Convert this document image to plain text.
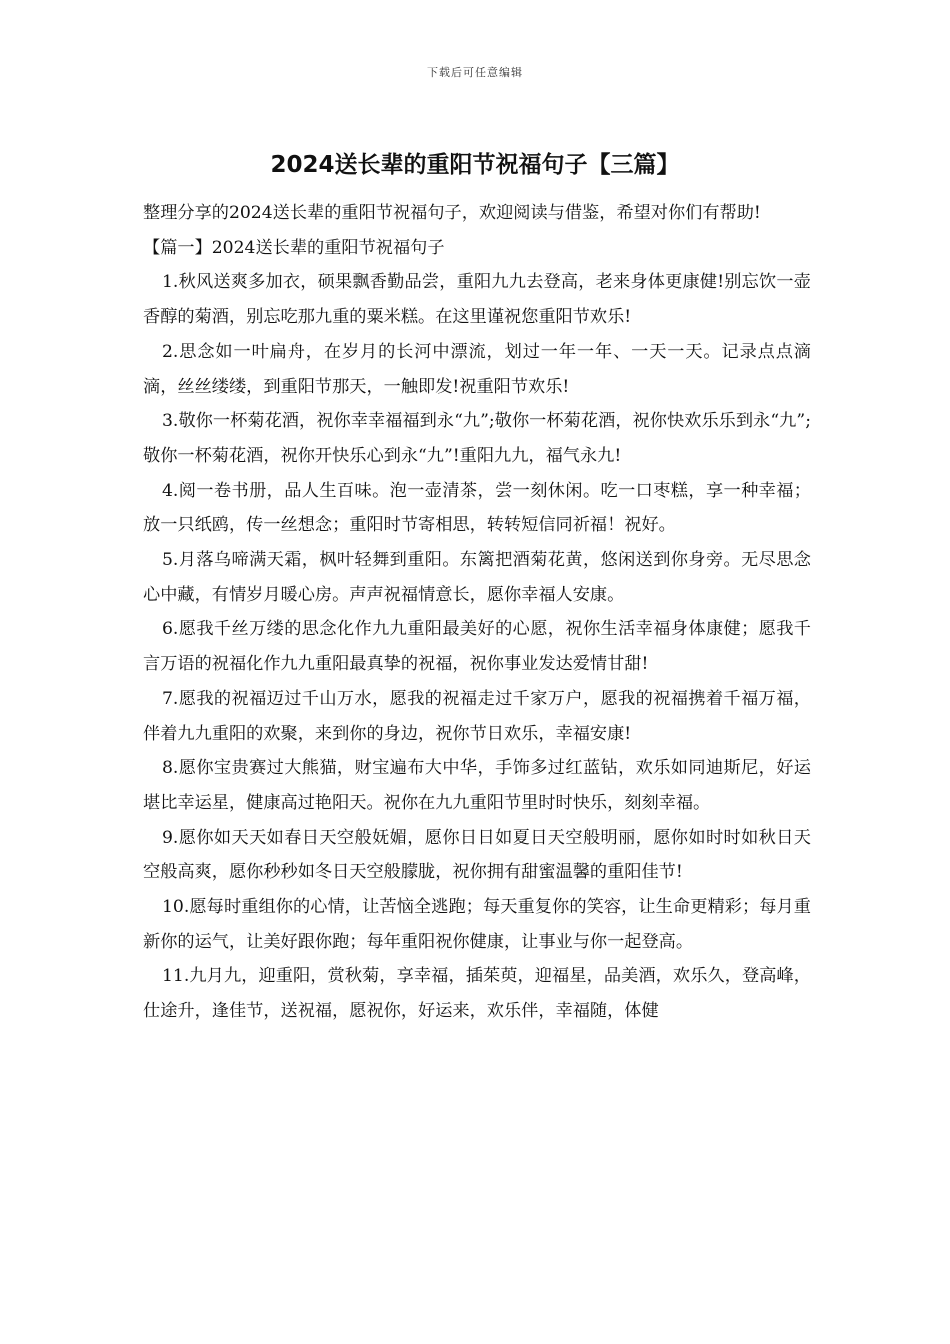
下载后可任意编辑
2024送长辈的重阳节祝福句子【三篇】

整理分享的2024送长辈的重阳节祝福句子，欢迎阅读与借鉴，希望对你们有帮助!

【篇一】2024送长辈的重阳节祝福句子

1.秋风送爽多加衣，硕果飘香勤品尝，重阳九九去登高，老来身体更康健!别忘饮一壶香醇的菊酒，别忘吃那九重的粟米糕。在这里谨祝您重阳节欢乐!

2.思念如一叶扁舟，在岁月的长河中漂流，划过一年一年、一天一天。记录点点滴滴，丝丝缕缕，到重阳节那天，一触即发!祝重阳节欢乐!

3.敬你一杯菊花酒，祝你幸幸福福到永“九”;敬你一杯菊花酒，祝你快欢乐乐到永“九”;敬你一杯菊花酒，祝你开快乐心到永“九”!重阳九九，福气永九!

4.阅一卷书册，品人生百味。泡一壶清茶，尝一刻休闲。吃一口枣糕，享一种幸福；放一只纸鸥，传一丝想念；重阳时节寄相思，转转短信同祈福！祝好。

5.月落乌啼满天霜，枫叶轻舞到重阳。东篱把酒菊花黄，悠闲送到你身旁。无尽思念心中藏，有情岁月暖心房。声声祝福情意长，愿你幸福人安康。

6.愿我千丝万缕的思念化作九九重阳最美好的心愿，祝你生活幸福身体康健；愿我千言万语的祝福化作九九重阳最真挚的祝福，祝你事业发达爱情甘甜!

7.愿我的祝福迈过千山万水，愿我的祝福走过千家万户，愿我的祝福携着千福万福，伴着九九重阳的欢聚，来到你的身边，祝你节日欢乐，幸福安康!

8.愿你宝贵赛过大熊猫，财宝遍布大中华，手饰多过红蓝钻，欢乐如同迪斯尼，好运堪比幸运星，健康高过艳阳天。祝你在九九重阳节里时时快乐，刻刻幸福。

9.愿你如天天如春日天空般妩媚，愿你日日如夏日天空般明丽，愿你如时时如秋日天空般高爽，愿你秒秒如冬日天空般朦胧，祝你拥有甜蜜温馨的重阳佳节!

10.愿每时重组你的心情，让苦恼全逃跑；每天重复你的笑容，让生命更精彩；每月重新你的运气，让美好跟你跑；每年重阳祝你健康，让事业与你一起登高。

11.九月九，迎重阳，赏秋菊，享幸福，插茱萸，迎福星，品美酒，欢乐久，登高峰，仕途升，逢佳节，送祝福，愿祝你，好运来，欢乐伴，幸福随，体健
